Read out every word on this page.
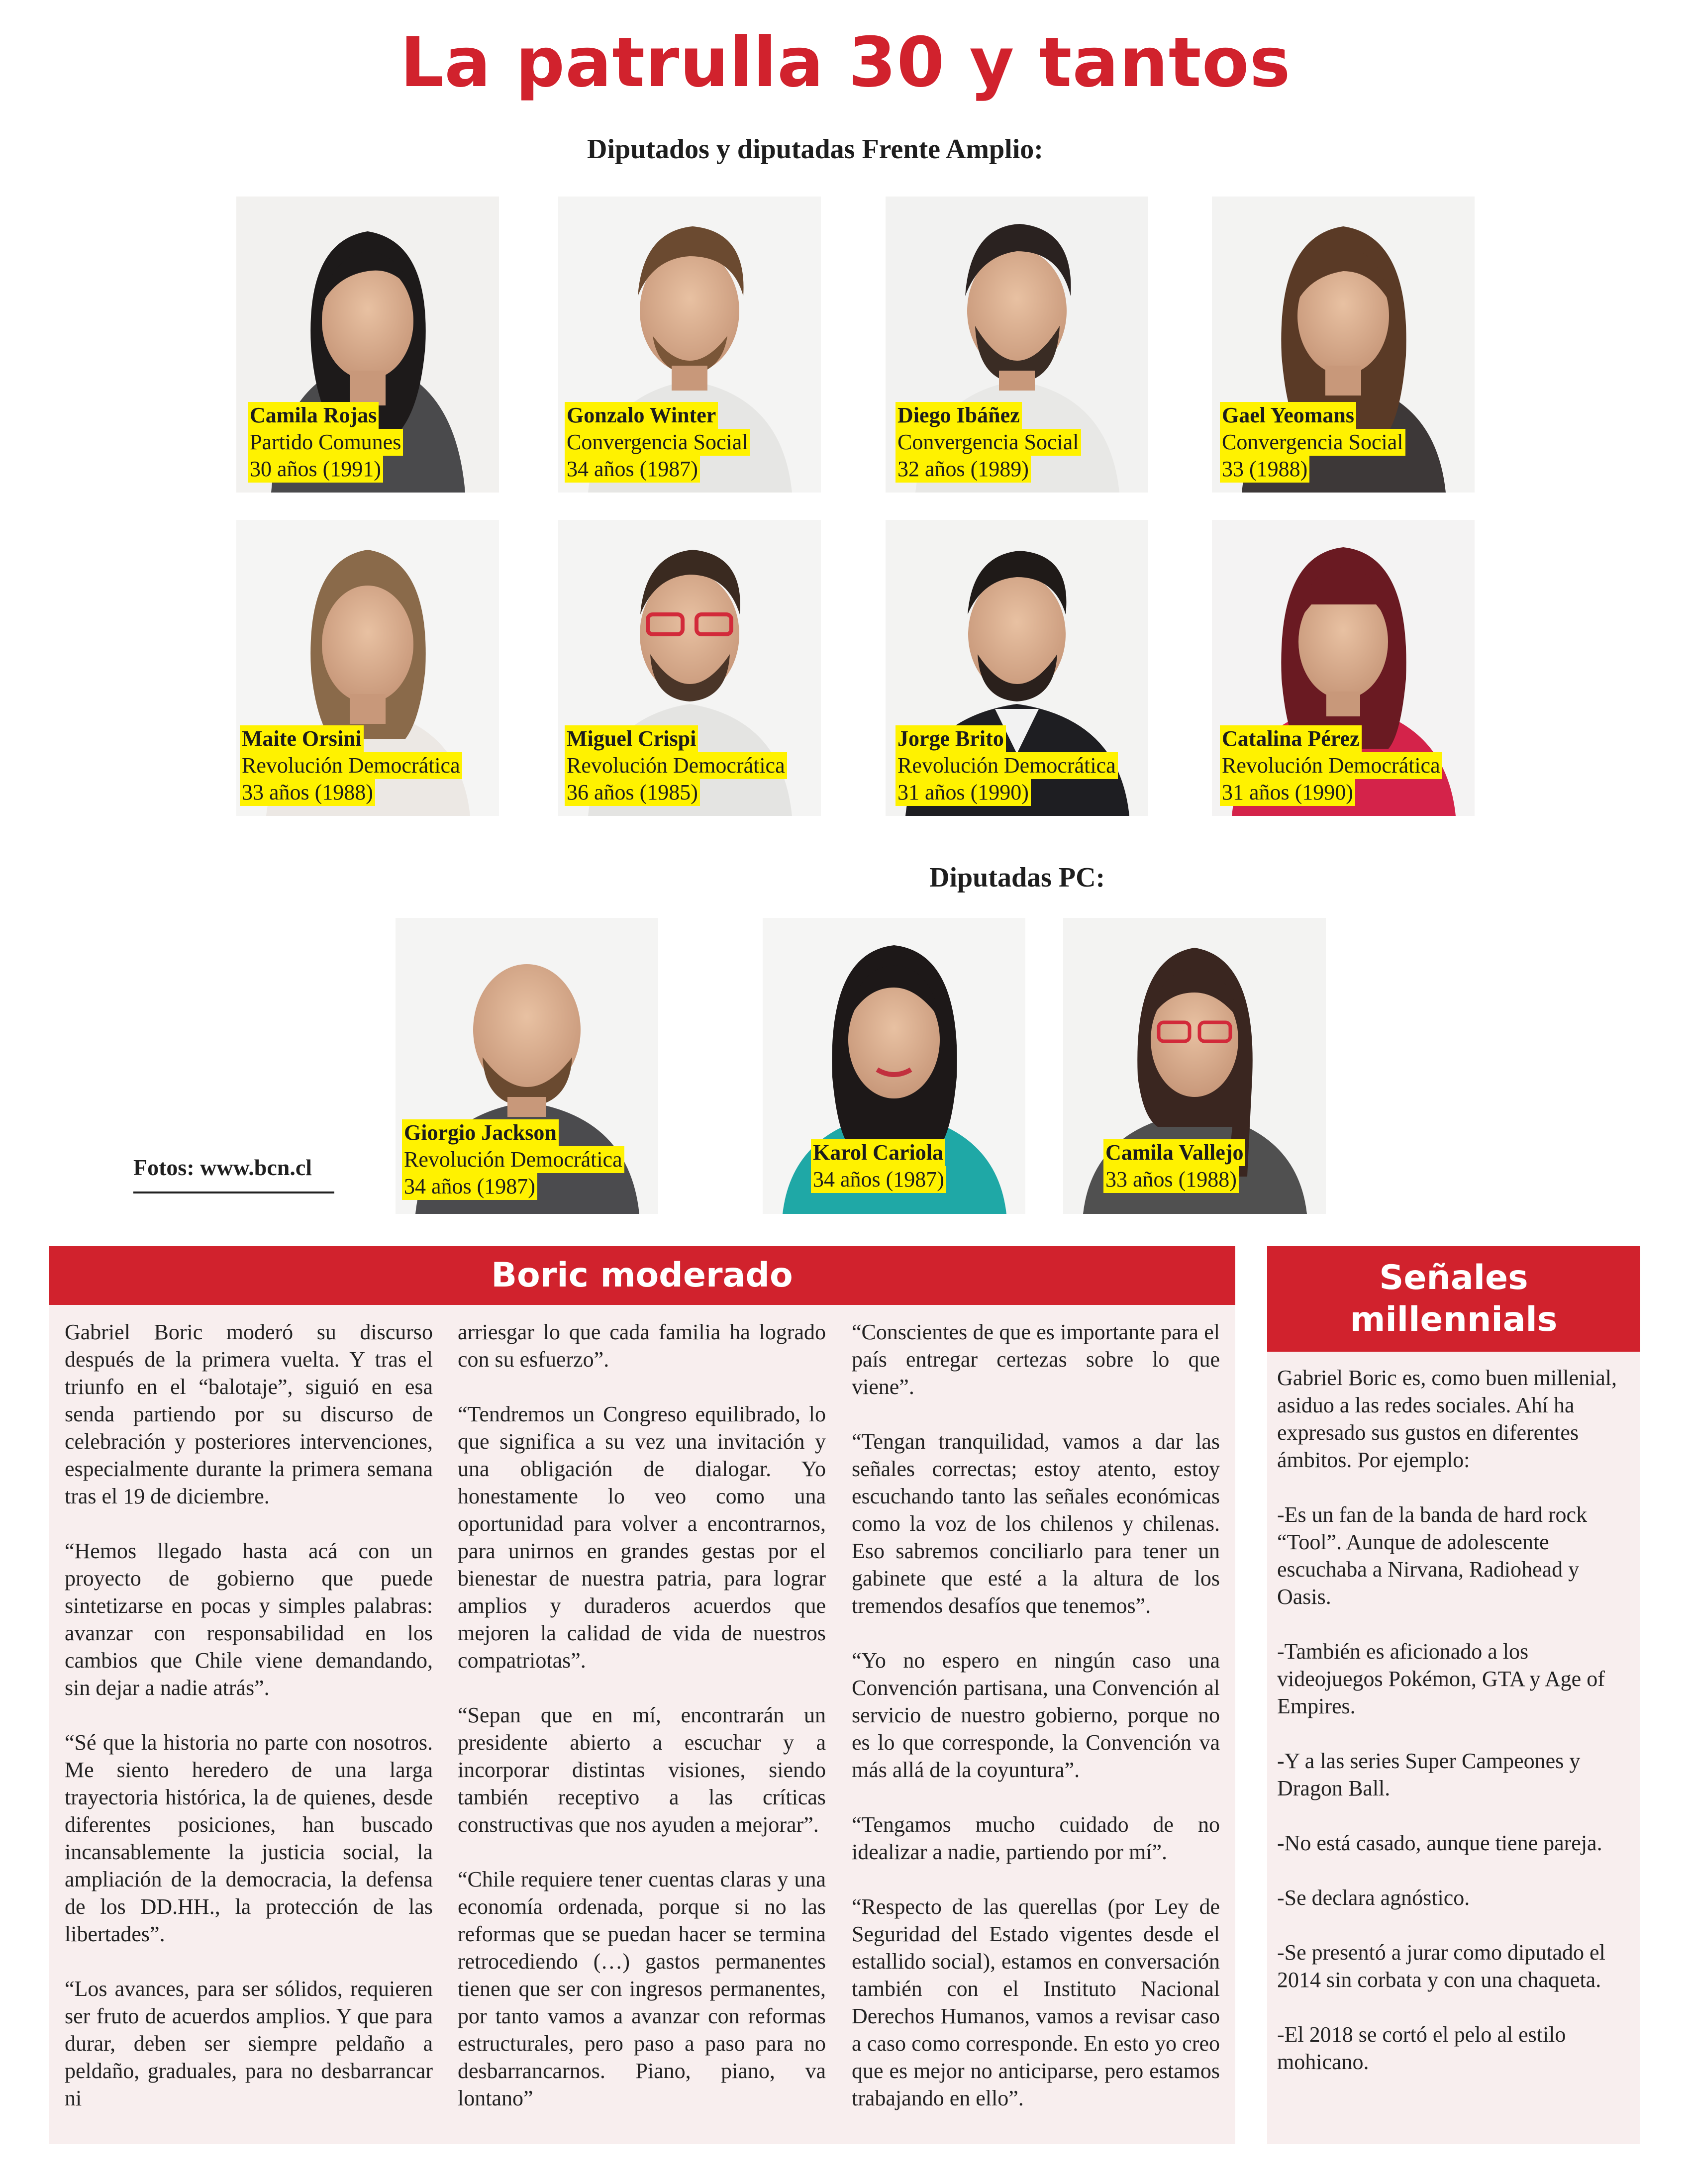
La patrulla 30 y tantos
Diputados y diputadas Frente Amplio:
Camila Rojas
Partido Comunes
30 años (1991)
Gonzalo Winter
Convergencia Social
34 años (1987)
Diego Ibáñez
Convergencia Social
32 años (1989)
Gael Yeomans
Convergencia Social
33 (1988)
Maite Orsini
Revolución Democrática
33 años (1988)
Miguel Crispi
Revolución Democrática
36 años (1985)
Jorge Brito
Revolución Democrática
31 años (1990)
Catalina Pérez
Revolución Democrática
31 años (1990)
Diputadas PC:
Fotos: www.bcn.cl
Giorgio Jackson
Revolución Democrática
34 años (1987)
Karol Cariola
34 años (1987)
Camila Vallejo
33 años (1988)
Boric moderado

Gabriel Boric moderó su discurso después de la primera vuelta. Y tras el triunfo en el “balotaje”, siguió en esa senda partiendo por su discurso de celebración y posteriores intervenciones, especialmente durante la primera semana tras el 19 de diciembre.

“Hemos llegado hasta acá con un proyecto de gobierno que puede sintetizarse en pocas y simples palabras: avanzar con responsabilidad en los cambios que Chile viene demandando, sin dejar a nadie atrás”.

“Sé que la historia no parte con nosotros. Me siento heredero de una larga trayectoria histórica, la de quienes, desde diferentes posiciones, han buscado incansablemente la justicia social, la ampliación de la democracia, la defensa de los DD.HH., la protección de las libertades”.

“Los avances, para ser sólidos, requieren ser fruto de acuerdos amplios. Y que para durar, deben ser siempre peldaño a peldaño, graduales, para no desbarrancar ni

arriesgar lo que cada familia ha logrado con su esfuerzo”.

“Tendremos un Congreso equilibrado, lo que significa a su vez una invitación y una obligación de dialogar. Yo honestamente lo veo como una oportunidad para volver a encontrarnos, para unirnos en grandes gestas por el bienestar de nuestra patria, para lograr amplios y duraderos acuerdos que mejoren la calidad de vida de nuestros compatriotas”.

“Sepan que en mí, encontrarán un presidente abierto a escuchar y a incorporar distintas visiones, siendo también receptivo a las críticas constructivas que nos ayuden a mejorar”.

“Chile requiere tener cuentas claras y una economía ordenada, porque si no las reformas que se puedan hacer se termina retrocediendo (…) gastos permanentes tienen que ser con ingresos permanentes, por tanto vamos a avanzar con reformas estructurales, pero paso a paso para no desbarrancarnos. Piano, piano, va lontano”

“Conscientes de que es importante para el país entregar certezas sobre lo que viene”.

“Tengan tranquilidad, vamos a dar las señales correctas; estoy atento, estoy escuchando tanto las señales económicas como la voz de los chilenos y chilenas. Eso sabremos conciliarlo para tener un gabinete que esté a la altura de los tremendos desafíos que tenemos”.

“Yo no espero en ningún caso una Convención partisana, una Convención al servicio de nuestro gobierno, porque no es lo que corresponde, la Convención va más allá de la coyuntura”.

“Tengamos mucho cuidado de no idealizar a nadie, partiendo por mí”.

“Respecto de las querellas (por Ley de Seguridad del Estado vigentes desde el estallido social), estamos en conversación también con el Instituto Nacional Derechos Humanos, vamos a revisar caso a caso como corresponde. En esto yo creo que es mejor no anticiparse, pero estamos trabajando en ello”.

Señales
millennials

Gabriel Boric es, como buen millenial, asiduo a las redes sociales. Ahí ha expresado sus gustos en diferentes ámbitos. Por ejemplo:

-Es un fan de la banda de hard rock “Tool”. Aunque de adolescente escuchaba a Nirvana, Radiohead y Oasis.

-También es aficionado a los videojuegos Pokémon, GTA y Age of Empires.

-Y a las series Super Campeones y Dragon Ball.

-No está casado, aunque tiene pareja.

-Se declara agnóstico.

-Se presentó a jurar como diputado el 2014 sin corbata y con una chaqueta.

-El 2018 se cortó el pelo al estilo mohicano.
